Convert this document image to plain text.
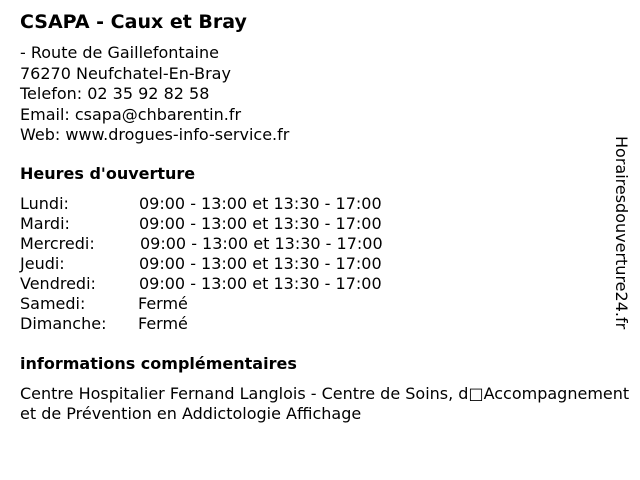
CSAPA - Caux et Bray
- Route de Gaillefontaine
76270 Neufchatel-En-Bray
Telefon: 02 35 92 82 58
Email: csapa@chbarentin.fr
Web: www.drogues-info-service.fr
Heures d'ouverture
Lundi:	09:00 - 13:00 et 13:30 - 17:00
Mardi:	09:00 - 13:00 et 13:30 - 17:00
Mercredi:	09:00 - 13:00 et 13:30 - 17:00
Jeudi:	09:00 - 13:00 et 13:30 - 17:00
Vendredi:	09:00 - 13:00 et 13:30 - 17:00
Samedi:	Fermé
Dimanche: Fermé
informations complémentaires
Centre Hospitalier Fernand Langlois - Centre de Soins, d□Accompagnement et de Prévention en Addictologie Affichage
Horairesdouverture24.fr
